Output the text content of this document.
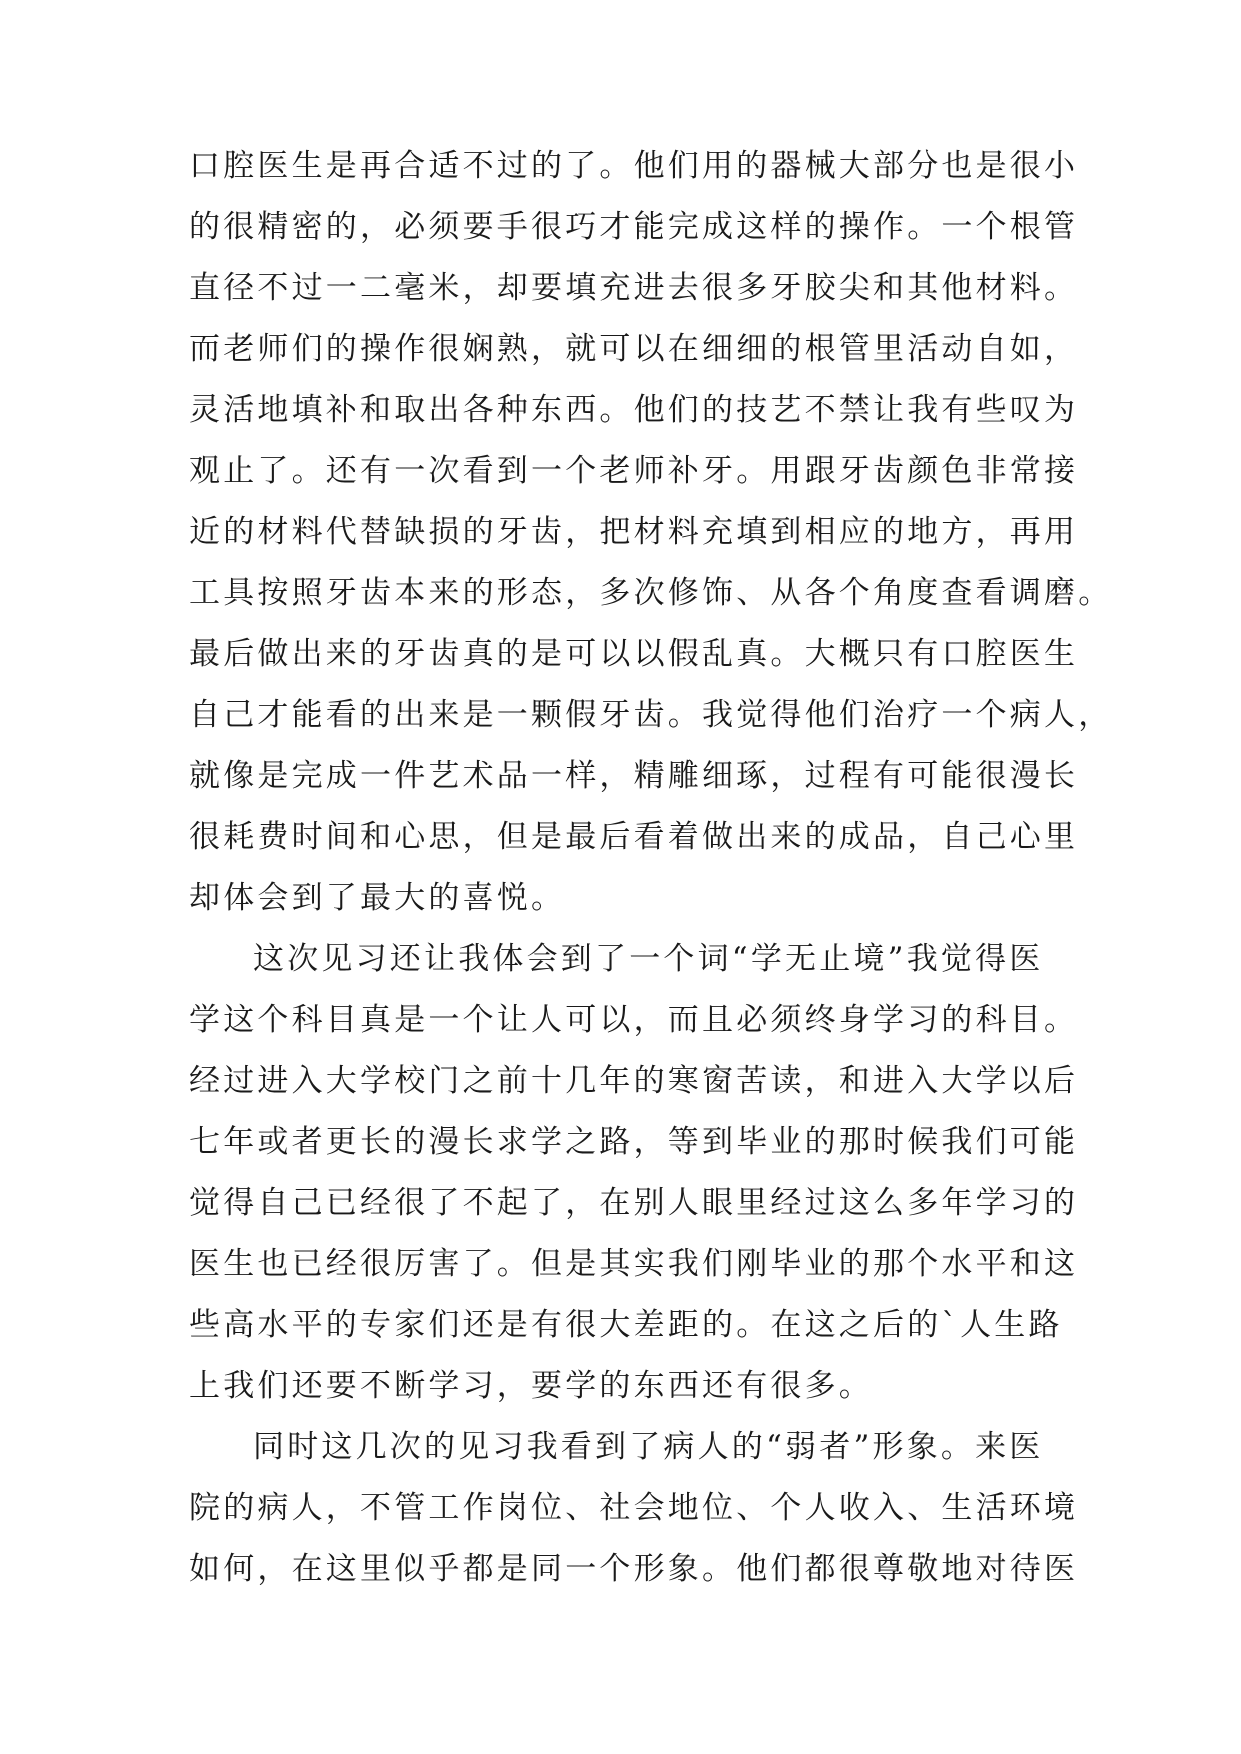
口腔医生是再合适不过的了。他们用的器械大部分也是很小
的很精密的，必须要手很巧才能完成这样的操作。一个根管
直径不过一二毫米，却要填充进去很多牙胶尖和其他材料。
而老师们的操作很娴熟，就可以在细细的根管里活动自如，
灵活地填补和取出各种东西。他们的技艺不禁让我有些叹为
观止了。还有一次看到一个老师补牙。用跟牙齿颜色非常接
近的材料代替缺损的牙齿，把材料充填到相应的地方，再用
工具按照牙齿本来的形态，多次修饰、从各个角度查看调磨。
最后做出来的牙齿真的是可以以假乱真。大概只有口腔医生
自己才能看的出来是一颗假牙齿。我觉得他们治疗一个病人，
就像是完成一件艺术品一样，精雕细琢，过程有可能很漫长
很耗费时间和心思，但是最后看着做出来的成品，自己心里
却体会到了最大的喜悦。
这次见习还让我体会到了一个词“学无止境”我觉得医
学这个科目真是一个让人可以，而且必须终身学习的科目。
经过进入大学校门之前十几年的寒窗苦读，和进入大学以后
七年或者更长的漫长求学之路，等到毕业的那时候我们可能
觉得自己已经很了不起了，在别人眼里经过这么多年学习的
医生也已经很厉害了。但是其实我们刚毕业的那个水平和这
些高水平的专家们还是有很大差距的。在这之后的`人生路
上我们还要不断学习，要学的东西还有很多。
同时这几次的见习我看到了病人的“弱者”形象。来医
院的病人，不管工作岗位、社会地位、个人收入、生活环境
如何，在这里似乎都是同一个形象。他们都很尊敬地对待医
